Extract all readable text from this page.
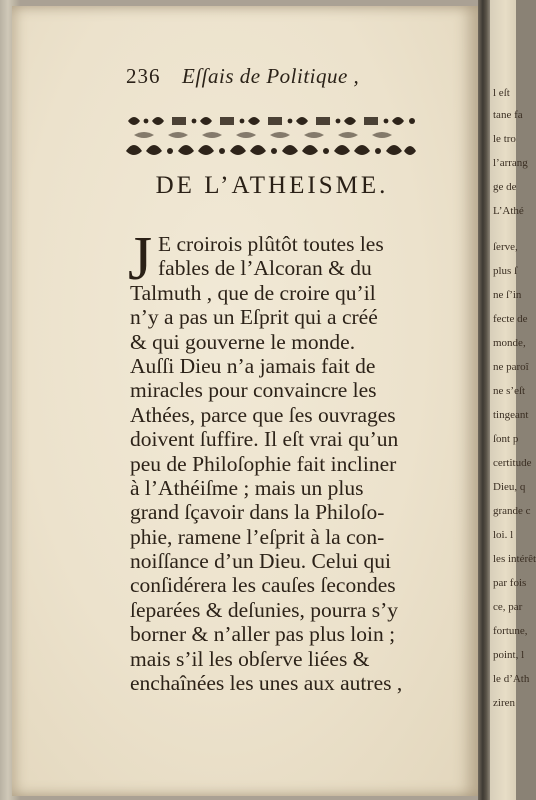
l eſt
tane fa
le tro
l’arrang
ge de
L’Athé
ſerve,
plus ſ
ne ſ’in
fecte de
monde,
ne paroî
ne s’eſt
tingeant
ſont p
certitude
Dieu, q
grande c
loi. l
les intérêt
par fois
ce, par
fortune,
point, l
le d’Ath
ziren
236 Eſſais de Politique ,
DE L’ATHEISME.
J E croirois plûtôt toutes les
fables de l’Alcoran & du
Talmuth , que de croire qu’il
n’y a pas un Eſprit qui a créé
& qui gouverne le monde.
Auſſi Dieu n’a jamais fait de
miracles pour convaincre les
Athées, parce que ſes ouvrages
doivent ſuffire. Il eſt vrai qu’un
peu de Philoſophie fait incliner
à l’Athéiſme ; mais un plus
grand ſçavoir dans la Philoſo-
phie, ramene l’eſprit à la con-
noiſſance d’un Dieu. Celui qui
conſidérera les cauſes ſecondes
ſeparées & deſunies, pourra s’y
borner & n’aller pas plus loin ;
mais s’il les obſerve liées &
enchaînées les unes aux autres ,
